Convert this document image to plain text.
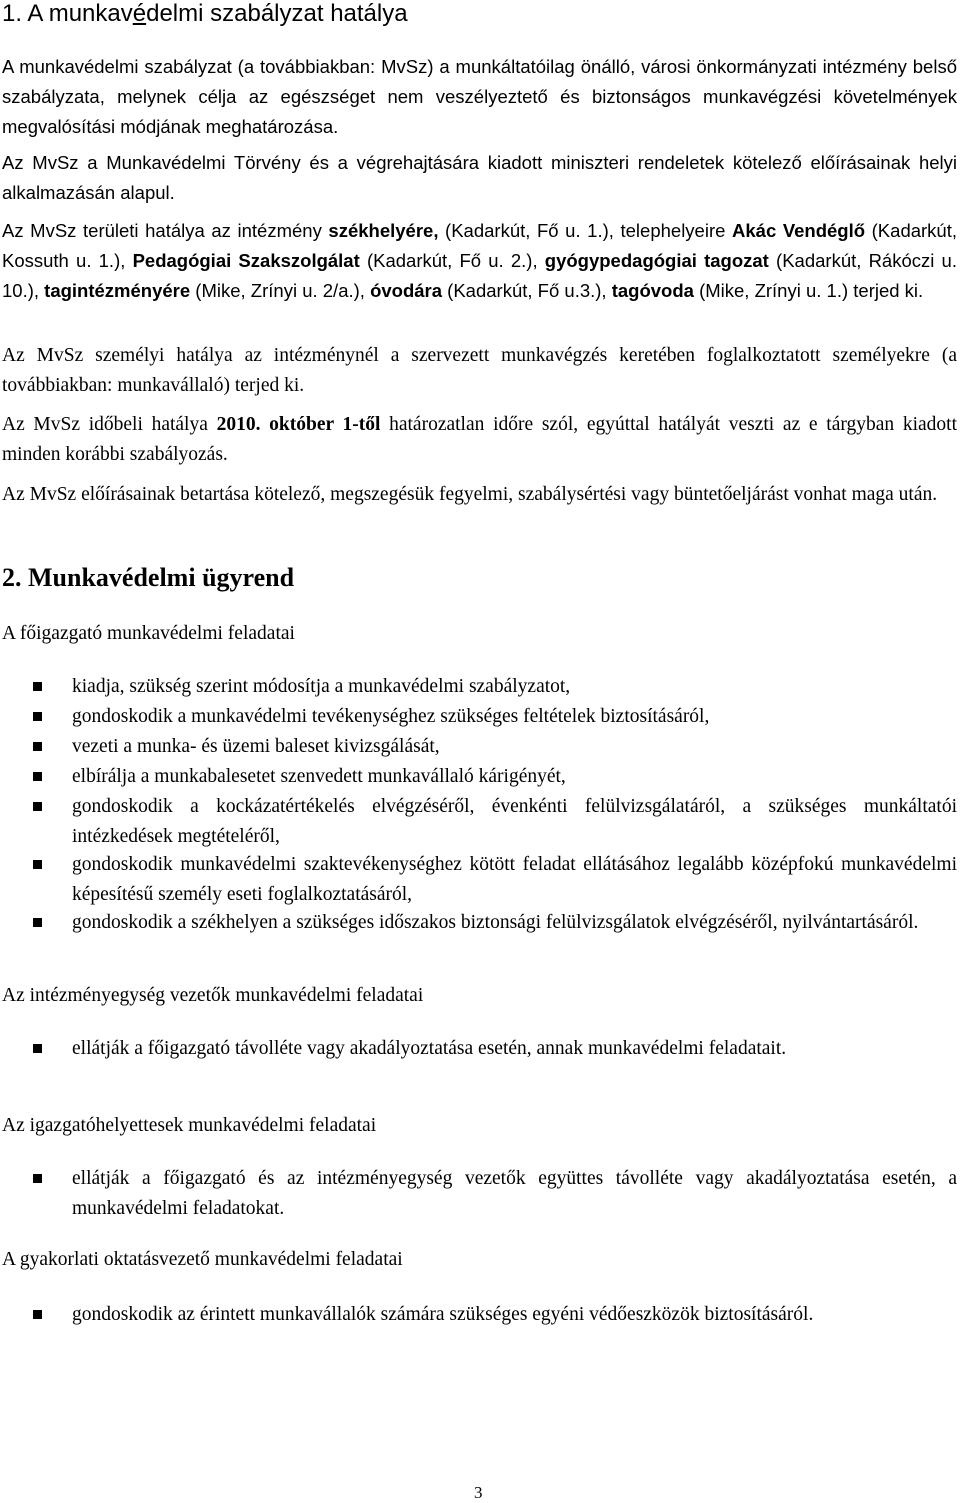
1. A munkavédelmi szabályzat hatálya
A munkavédelmi szabályzat (a továbbiakban: MvSz) a munkáltatóilag önálló, városi önkormányzati intézmény belső szabályzata, melynek célja az egészséget nem veszélyeztető és biztonságos munkavégzési követelmények megvalósítási módjának meghatározása.
Az MvSz a Munkavédelmi Törvény és a végrehajtására kiadott miniszteri rendeletek kötelező előírásainak helyi alkalmazásán alapul.
Az MvSz területi hatálya az intézmény székhelyére, (Kadarkút, Fő u. 1.), telephelyeire Akác Vendéglő (Kadarkút, Kossuth u. 1.), Pedagógiai Szakszolgálat (Kadarkút, Fő u. 2.), gyógypedagógiai tagozat (Kadarkút, Rákóczi u. 10.), tagintézményére (Mike, Zrínyi u. 2/a.), óvodára (Kadarkút, Fő u.3.), tagóvoda (Mike, Zrínyi u. 1.) terjed ki.
Az MvSz személyi hatálya az intézménynél a szervezett munkavégzés keretében foglalkoztatott személyekre (a továbbiakban: munkavállaló) terjed ki.
Az MvSz időbeli hatálya 2010. október 1-től határozatlan időre szól, egyúttal hatályát veszti az e tárgyban kiadott minden korábbi szabályozás.
Az MvSz előírásainak betartása kötelező, megszegésük fegyelmi, szabálysértési vagy büntetőeljárást vonhat maga után.
2. Munkavédelmi ügyrend
A főigazgató munkavédelmi feladatai
kiadja, szükség szerint módosítja a munkavédelmi szabályzatot,
gondoskodik a munkavédelmi tevékenységhez szükséges feltételek biztosításáról,
vezeti a munka- és üzemi baleset kivizsgálását,
elbírálja a munkabalesetet szenvedett munkavállaló kárigényét,
gondoskodik a kockázatértékelés elvégzéséről, évenkénti felülvizsgálatáról, a szükséges munkáltatói intézkedések megtételéről,
gondoskodik munkavédelmi szaktevékenységhez kötött feladat ellátásához legalább középfokú munkavédelmi képesítésű személy eseti foglalkoztatásáról,
gondoskodik a székhelyen a szükséges időszakos biztonsági felülvizsgálatok elvégzéséről, nyilvántartásáról.
Az intézményegység vezetők munkavédelmi feladatai
ellátják a főigazgató távolléte vagy akadályoztatása esetén, annak munkavédelmi feladatait.
Az igazgatóhelyettesek munkavédelmi feladatai
ellátják a főigazgató és az intézményegység vezetők együttes távolléte vagy akadályoztatása esetén, a munkavédelmi feladatokat.
A gyakorlati oktatásvezető munkavédelmi feladatai
gondoskodik az érintett munkavállalók számára szükséges egyéni védőeszközök biztosításáról.
3
